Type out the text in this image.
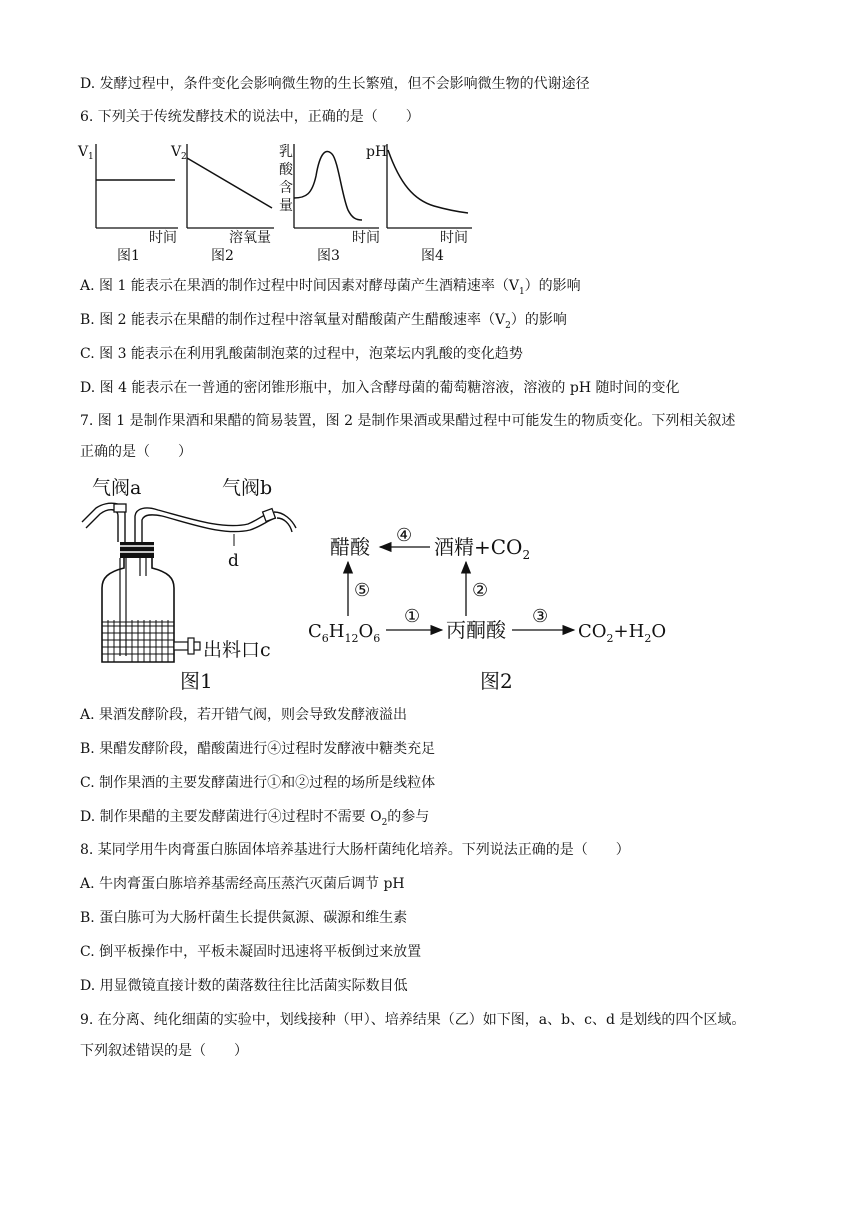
D. 发酵过程中，条件变化会影响微生物的生长繁殖，但不会影响微生物的代谢途径
6. 下列关于传统发酵技术的说法中，正确的是（　　）
V 1
时间
图1
V 2
溶氧量
图2
乳
酸
含
量
时间
图3
pH
时间
图4
A. 图 1 能表示在果酒的制作过程中时间因素对酵母菌产生酒精速率$(V_1)$的影响
B. 图 2 能表示在果醋的制作过程中溶氧量对醋酸菌产生醋酸速率$(V_2)$的影响
C. 图 3 能表示在利用乳酸菌制泡菜的过程中，泡菜坛内乳酸的变化趋势
D. 图 4 能表示在一普通的密闭锥形瓶中，加入含酵母菌的葡萄糖溶液，溶液的 pH 随时间的变化
7. 图 1 是制作果酒和果醋的简易装置，图 2 是制作果酒或果醋过程中可能发生的物质变化。下列相关叙述
正确的是（　　）
气阀a	气阀b
d
出料口c
图1
醋酸	酒精$+CO_2$
$C_6H_{12}O_6$	丙酮酸	$CO_2+H_2O$
④
⑤
①
②
③
图2
A. 果酒发酵阶段，若开错气阀，则会导致发酵液溢出
B. 果醋发酵阶段，醋酸菌进行④过程时发酵液中糖类充足
C. 制作果酒的主要发酵菌进行①和②过程的场所是线粒体
D. 制作果醋的主要发酵菌进行④过程时不需要 $O_2$的参与
8. 某同学用牛肉膏蛋白胨固体培养基进行大肠杆菌纯化培养。下列说法正确的是（　　）
A. 牛肉膏蛋白胨培养基需经高压蒸汽灭菌后调节 pH
B. 蛋白胨可为大肠杆菌生长提供氮源、碳源和维生素
C. 倒平板操作中，平板未凝固时迅速将平板倒过来放置
D. 用显微镜直接计数的菌落数往往比活菌实际数目低
9. 在分离、纯化细菌的实验中，划线接种（甲）、培养结果（乙）如下图，a、b、c、d 是划线的四个区域。
下列叙述错误的是（　　）
